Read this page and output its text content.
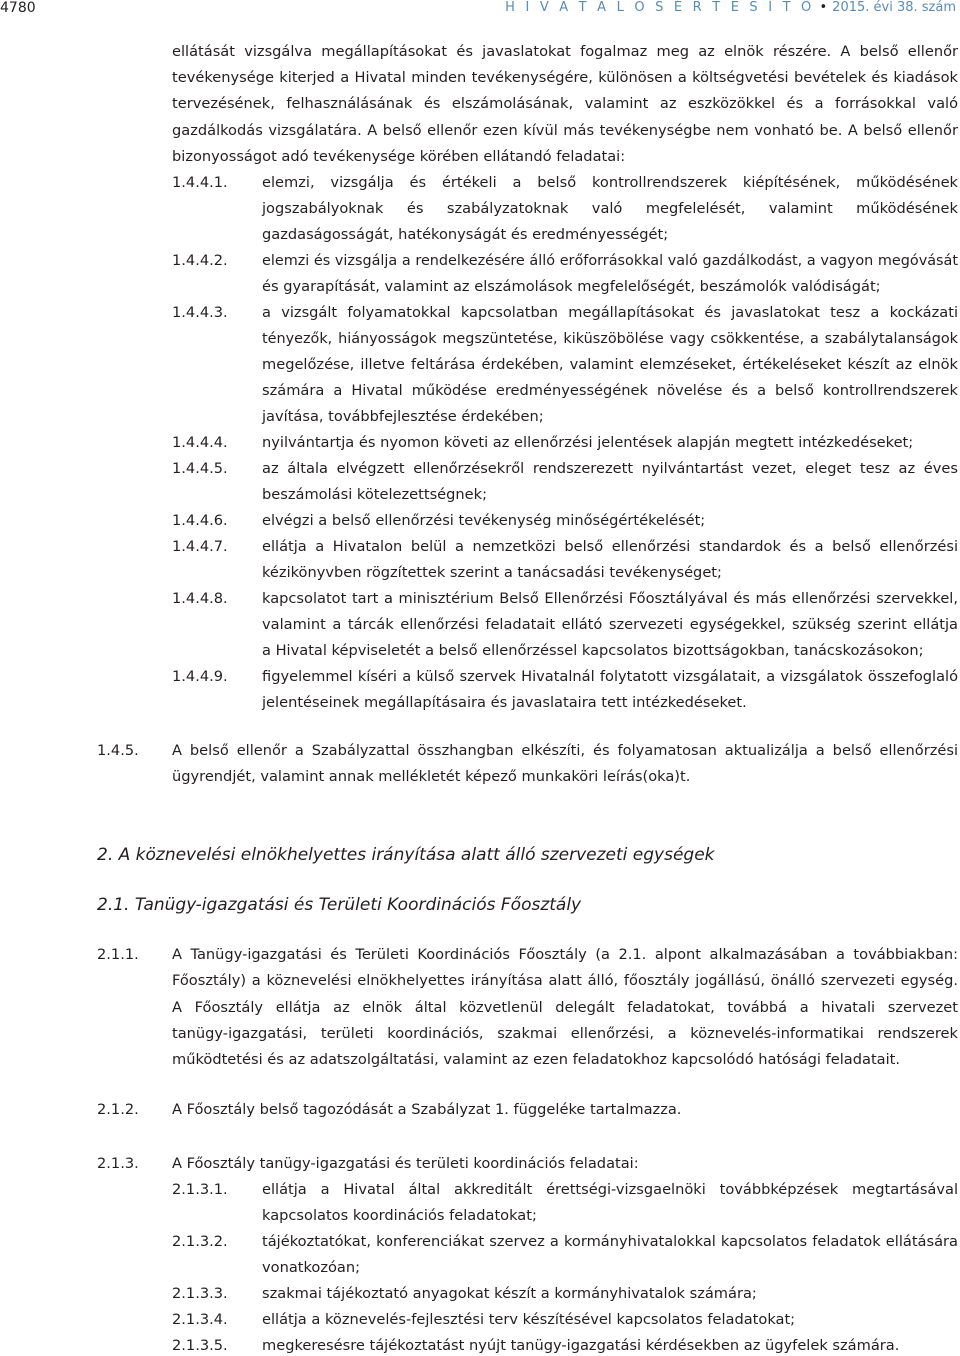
4780	H I V A T A L O S É R T E S Í T Ő • 2015. évi 38. szám
ellátását vizsgálva megállapításokat és javaslatokat fogalmaz meg az elnök részére. A belső ellenőr
tevékenysége kiterjed a Hivatal minden tevékenységére, különösen a költségvetési bevételek és kiadások
tervezésének, felhasználásának és elszámolásának, valamint az eszközökkel és a forrásokkal való
gazdálkodás vizsgálatára. A belső ellenőr ezen kívül más tevékenységbe nem vonható be. A belső ellenőr
bizonyosságot adó tevékenysége körében ellátandó feladatai:
1.4.4.1. elemzi, vizsgálja és értékeli a belső kontrollrendszerek kiépítésének, működésének
jogszabályoknak és szabályzatoknak való megfelelését, valamint működésének
gazdaságosságát, hatékonyságát és eredményességét;
1.4.4.2. elemzi és vizsgálja a rendelkezésére álló erőforrásokkal való gazdálkodást, a vagyon megóvását
és gyarapítását, valamint az elszámolások megfelelőségét, beszámolók valódiságát;
1.4.4.3. a vizsgált folyamatokkal kapcsolatban megállapításokat és javaslatokat tesz a kockázati
tényezők, hiányosságok megszüntetése, kiküszöbölése vagy csökkentése, a szabálytalanságok
megelőzése, illetve feltárása érdekében, valamint elemzéseket, értékeléseket készít az elnök
számára a Hivatal működése eredményességének növelése és a belső kontrollrendszerek
javítása, továbbfejlesztése érdekében;
1.4.4.4. nyilvántartja és nyomon követi az ellenőrzési jelentések alapján megtett intézkedéseket;
1.4.4.5. az általa elvégzett ellenőrzésekről rendszerezett nyilvántartást vezet, eleget tesz az éves
beszámolási kötelezettségnek;
1.4.4.6. elvégzi a belső ellenőrzési tevékenység minőségértékelését;
1.4.4.7. ellátja a Hivatalon belül a nemzetközi belső ellenőrzési standardok és a belső ellenőrzési
kézikönyvben rögzítettek szerint a tanácsadási tevékenységet;
1.4.4.8. kapcsolatot tart a minisztérium Belső Ellenőrzési Főosztályával és más ellenőrzési szervekkel,
valamint a tárcák ellenőrzési feladatait ellátó szervezeti egységekkel, szükség szerint ellátja
a Hivatal képviseletét a belső ellenőrzéssel kapcsolatos bizottságokban, tanácskozásokon;
1.4.4.9. figyelemmel kíséri a külső szervek Hivatalnál folytatott vizsgálatait, a vizsgálatok összefoglaló
jelentéseinek megállapításaira és javaslataira tett intézkedéseket.
1.4.5. A belső ellenőr a Szabályzattal összhangban elkészíti, és folyamatosan aktualizálja a belső ellenőrzési
ügyrendjét, valamint annak mellékletét képező munkaköri leírás(oka)t.
2. A köznevelési elnökhelyettes irányítása alatt álló szervezeti egységek
2.1. Tanügy-igazgatási és Területi Koordinációs Főosztály
2.1.1. A Tanügy-igazgatási és Területi Koordinációs Főosztály (a 2.1. alpont alkalmazásában a továbbiakban:
Főosztály) a köznevelési elnökhelyettes irányítása alatt álló, főosztály jogállású, önálló szervezeti egység.
A Főosztály ellátja az elnök által közvetlenül delegált feladatokat, továbbá a hivatali szervezet
tanügy-igazgatási, területi koordinációs, szakmai ellenőrzési, a köznevelés-informatikai rendszerek
működtetési és az adatszolgáltatási, valamint az ezen feladatokhoz kapcsolódó hatósági feladatait.
2.1.2. A Főosztály belső tagozódását a Szabályzat 1. függeléke tartalmazza.
2.1.3. A Főosztály tanügy-igazgatási és területi koordinációs feladatai:
2.1.3.1. ellátja a Hivatal által akkreditált érettségi-vizsgaelnöki továbbképzések megtartásával
kapcsolatos koordinációs feladatokat;
2.1.3.2. tájékoztatókat, konferenciákat szervez a kormányhivatalokkal kapcsolatos feladatok ellátására
vonatkozóan;
2.1.3.3. szakmai tájékoztató anyagokat készít a kormányhivatalok számára;
2.1.3.4. ellátja a köznevelés-fejlesztési terv készítésével kapcsolatos feladatokat;
2.1.3.5. megkeresésre tájékoztatást nyújt tanügy-igazgatási kérdésekben az ügyfelek számára.
